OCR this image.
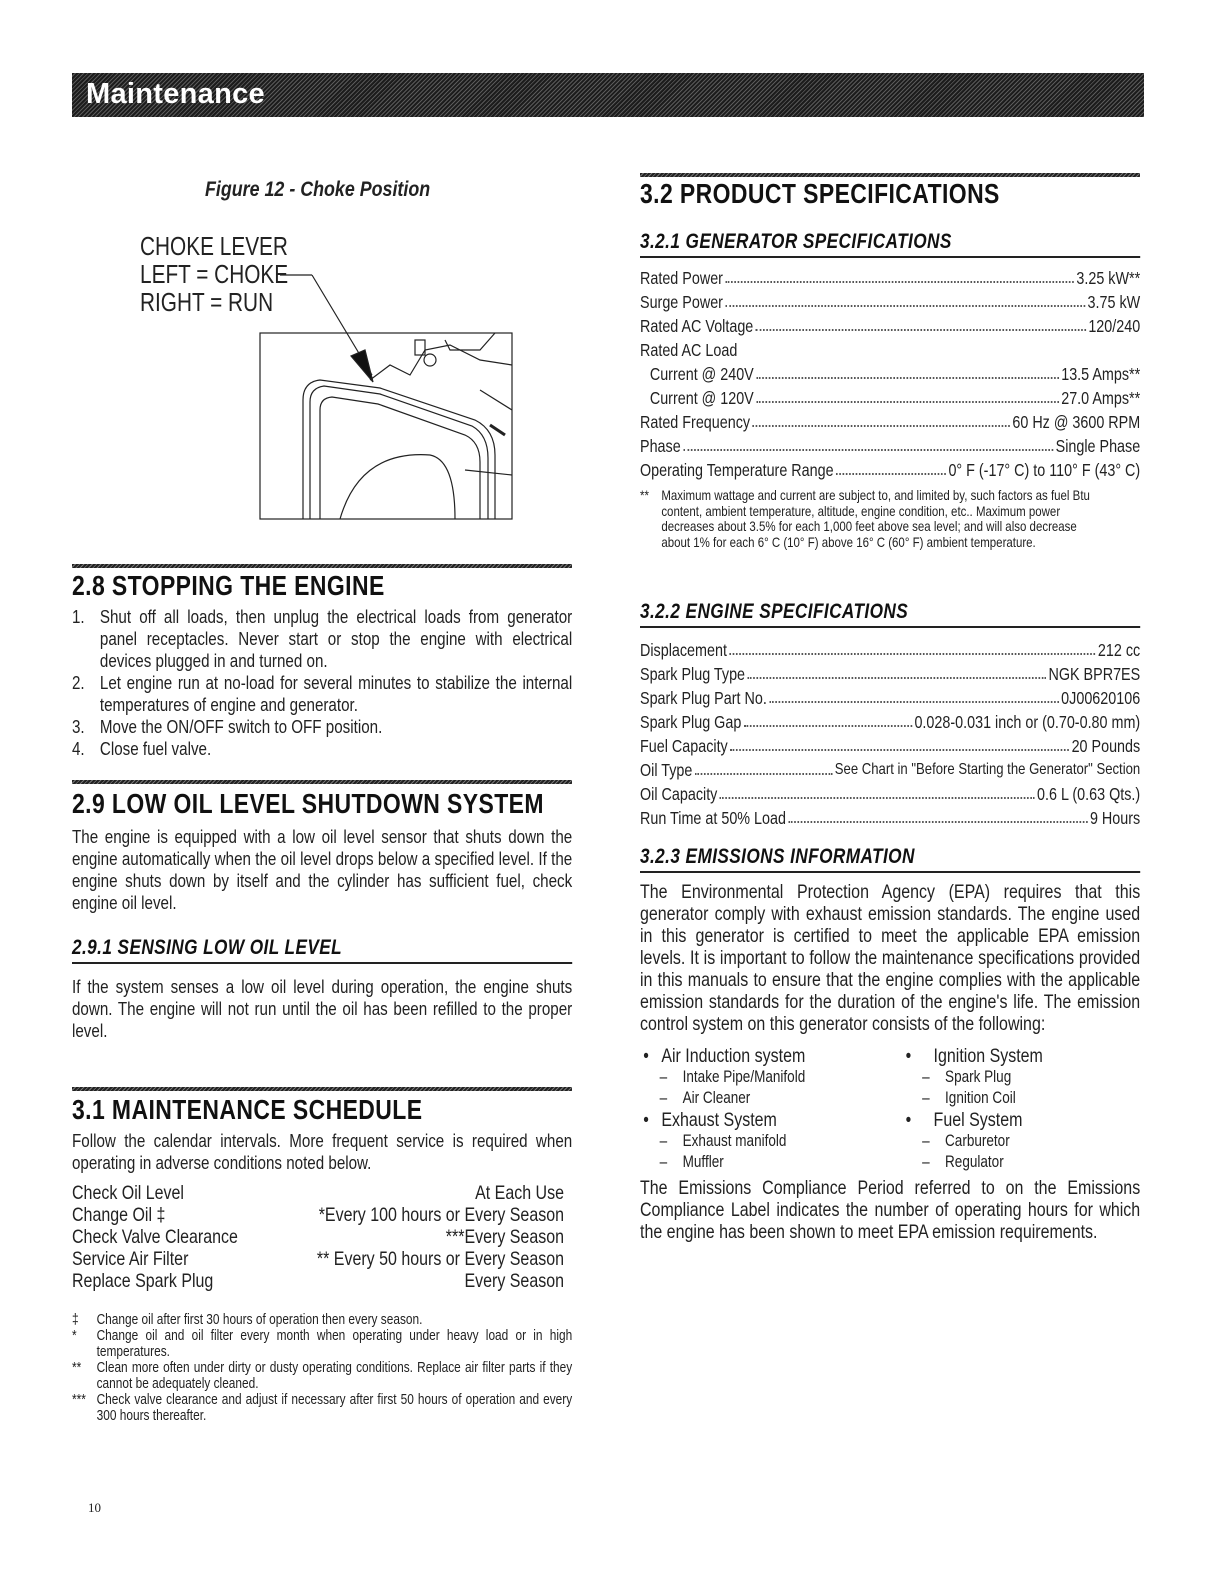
Maintenance
Figure 12 - Choke Position
CHOKE LEVER
LEFT = CHOKE
RIGHT = RUN
2.8 STOPPING THE ENGINE
1. Shut off all loads, then unplug the electrical loads from generator panel receptacles. Never start or stop the engine with electrical devices plugged in and turned on.
2. Let engine run at no-load for several minutes to stabilize the internal temperatures of engine and generator.
3. Move the ON/OFF switch to OFF position.
4. Close fuel valve.
2.9 LOW OIL LEVEL SHUTDOWN SYSTEM

The engine is equipped with a low oil level sensor that shuts down the engine automatically when the oil level drops below a specified level. If the engine shuts down by itself and the cylinder has sufficient fuel, check engine oil level.

2.9.1 SENSING LOW OIL LEVEL

If the system senses a low oil level during operation, the engine shuts down. The engine will not run until the oil has been refilled to the proper level.

3.1 MAINTENANCE SCHEDULE

Follow the calendar intervals. More frequent service is required when operating in adverse conditions noted below.

Check Oil Level	At Each Use
Change Oil ‡	*Every 100 hours or Every Season
Check Valve Clearance	***Every Season
Service Air Filter	** Every 50 hours or Every Season
Replace Spark Plug	Every Season
‡	Change oil after first 30 hours of operation then every season.
*	Change oil and oil filter every month when operating under heavy load or in high temperatures.
**	Clean more often under dirty or dusty operating conditions. Replace air filter parts if they cannot be adequately cleaned.
*** Check valve clearance and adjust if necessary after first 50 hours of operation and every 300 hours thereafter.
10
3.2 PRODUCT SPECIFICATIONS
3.2.1 GENERATOR SPECIFICATIONS
Rated Power	3.25 kW**
Surge Power	3.75 kW
Rated AC Voltage	120/240
Rated AC Load
Current @ 240V	13.5 Amps**
Current @ 120V	27.0 Amps**
Rated Frequency	60 Hz @ 3600 RPM
Phase	Single Phase
Operating Temperature Range	0° F (-17° C) to 110° F (43° C)
** Maximum wattage and current are subject to, and limited by, such factors as fuel Btu content, ambient temperature, altitude, engine condition, etc.. Maximum power decreases about 3.5% for each 1,000 feet above sea level; and will also decrease about 1% for each 6° C (10° F) above 16° C (60° F) ambient temperature.
3.2.2 ENGINE SPECIFICATIONS
Displacement	212 cc
Spark Plug Type	NGK BPR7ES
Spark Plug Part No.	0J00620106
Spark Plug Gap	0.028-0.031 inch or (0.70-0.80 mm)
Fuel Capacity	20 Pounds
Oil Type	See Chart in "Before Starting the Generator" Section
Oil Capacity	0.6 L (0.63 Qts.)
Run Time at 50% Load	9 Hours
3.2.3 EMISSIONS INFORMATION

The Environmental Protection Agency (EPA) requires that this generator comply with exhaust emission standards. The engine used in this generator is certified to meet the applicable EPA emission levels. It is important to follow the maintenance specifications provided in this manuals to ensure that the engine complies with the applicable emission standards for the duration of the engine's life. The emission control system on this generator consists of the following:

• Air Induction system
– Intake Pipe/Manifold
– Air Cleaner
• Exhaust System
– Exhaust manifold
– Muffler
•	Ignition System
– Spark Plug
– Ignition Coil
•	Fuel System
– Carburetor
– Regulator

The Emissions Compliance Period referred to on the Emissions Compliance Label indicates the number of operating hours for which the engine has been shown to meet EPA emission requirements.
